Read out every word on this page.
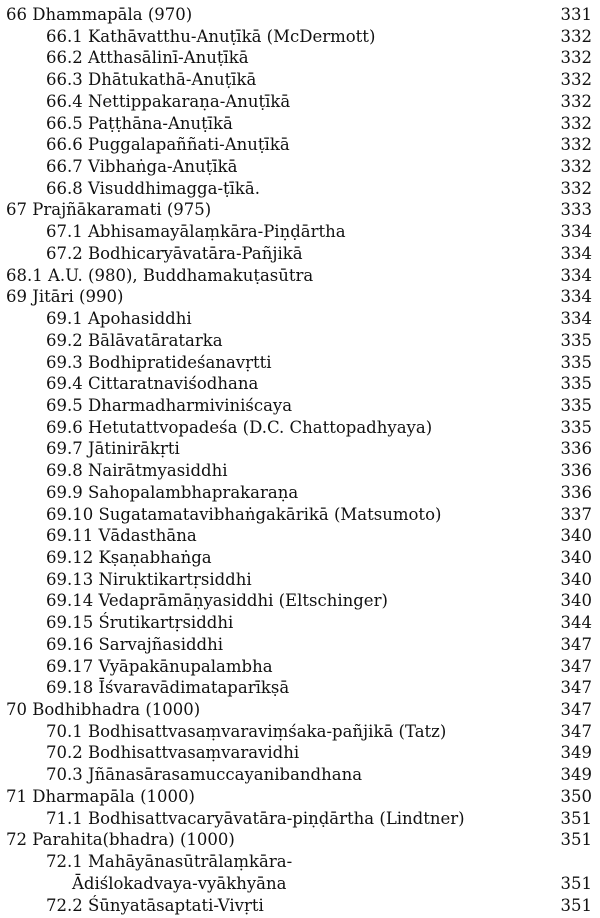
66 Dhammapāla (970)	331
66.1 Kathāvatthu-Anuṭīkā (McDermott)	332
66.2 Atthasālinī-Anuṭīkā	332
66.3 Dhātukathā-Anuṭīkā	332
66.4 Nettippakaraṇa-Anuṭīkā	332
66.5 Paṭṭhāna-Anuṭīkā	332
66.6 Puggalapaññati-Anuṭīkā	332
66.7 Vibhaṅga-Anuṭīkā	332
66.8 Visuddhimagga-ṭīkā.	332
67 Prajñākaramati (975)	333
67.1 Abhisamayālaṃkāra-Piṇḍārtha	334
67.2 Bodhicaryāvatāra-Pañjikā	334
68.1 A.U. (980), Buddhamakuṭasūtra	334
69 Jitāri (990)	334
69.1 Apohasiddhi	334
69.2 Bālāvatāratarka	335
69.3 Bodhipratideśanavṛtti	335
69.4 Cittaratnaviśodhana	335
69.5 Dharmadharmiviniścaya	335
69.6 Hetutattvopadeśa (D.C. Chattopadhyaya)	335
69.7 Jātinirākṛti	336
69.8 Nairātmyasiddhi	336
69.9 Sahopalambhaprakaraṇa	336
69.10 Sugatamatavibhaṅgakārikā (Matsumoto)	337
69.11 Vādasthāna	340
69.12 Kṣaṇabhaṅga	340
69.13 Niruktikartṛsiddhi	340
69.14 Vedaprāmāṇyasiddhi (Eltschinger)	340
69.15 Śrutikartṛsiddhi	344
69.16 Sarvajñasiddhi	347
69.17 Vyāpakānupalambha	347
69.18 Īśvaravādimataparīkṣā	347
70 Bodhibhadra (1000)	347
70.1 Bodhisattvasaṃvaraviṃśaka-pañjikā (Tatz)	347
70.2 Bodhisattvasaṃvaravidhi	349
70.3 Jñānasārasamuccayanibandhana	349
71 Dharmapāla (1000)	350
71.1 Bodhisattvacaryāvatāra-piṇḍārtha (Lindtner)	351
72 Parahita(bhadra) (1000)	351
72.1 Mahāyānasūtrālaṃkāra-
Ādiślokadvaya-vyākhyāna	351
72.2 Śūnyatāsaptati-Vivṛti	351
